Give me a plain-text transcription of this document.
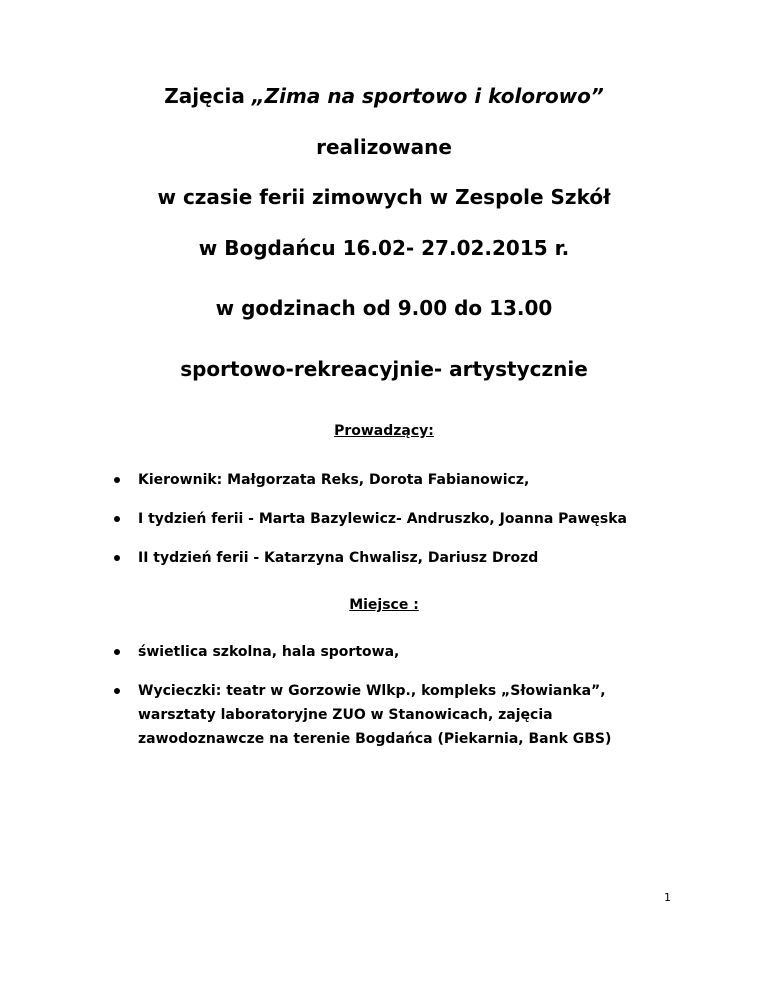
Zajęcia „Zima na sportowo i kolorowo”
realizowane
w czasie ferii zimowych w Zespole Szkół
w Bogdańcu 16.02- 27.02.2015 r.
w godzinach od 9.00 do 13.00
sportowo-rekreacyjnie- artystycznie
Prowadzący:
Kierownik: Małgorzata Reks, Dorota Fabianowicz,
I tydzień ferii - Marta Bazylewicz- Andruszko, Joanna Pawęska
II tydzień ferii - Katarzyna Chwalisz, Dariusz Drozd
Miejsce :
świetlica szkolna, hala sportowa,
Wycieczki: teatr w Gorzowie Wlkp., kompleks „Słowianka”, warsztaty laboratoryjne ZUO w Stanowicach, zajęcia zawodoznawcze na terenie Bogdańca (Piekarnia, Bank GBS)
1
